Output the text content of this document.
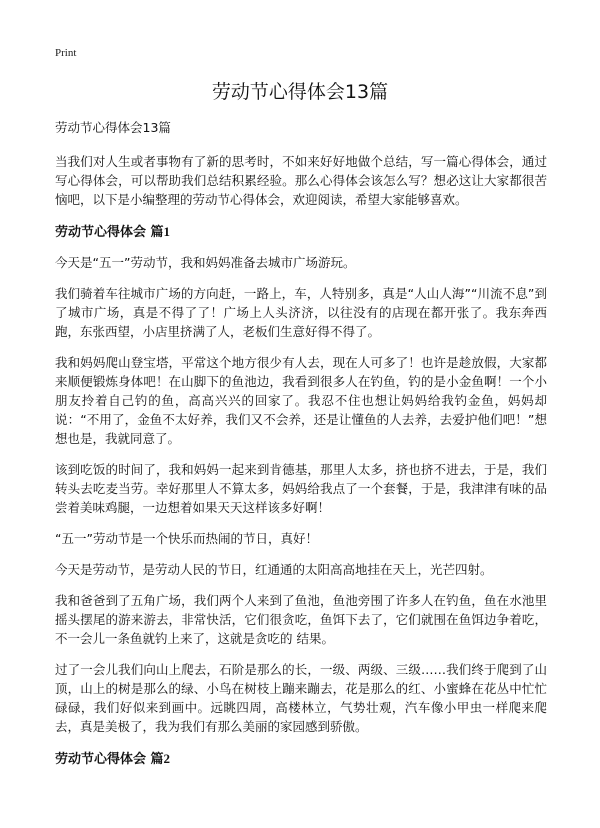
Print
劳动节心得体会13篇

劳动节心得体会13篇

当我们对人生或者事物有了新的思考时，不如来好好地做个总结，写一篇心得体会，通过写心得体会，可以帮助我们总结积累经验。那么心得体会该怎么写？想必这让大家都很苦恼吧，以下是小编整理的劳动节心得体会，欢迎阅读，希望大家能够喜欢。

劳动节心得体会 篇1

今天是“五一”劳动节，我和妈妈准备去城市广场游玩。

我们骑着车往城市广场的方向赶，一路上，车，人特别多，真是“人山人海”“川流不息”到了城市广场，真是不得了了！广场上人头济济，以往没有的店现在都开张了。我东奔西跑，东张西望，小店里挤满了人，老板们生意好得不得了。

我和妈妈爬山登宝塔，平常这个地方很少有人去，现在人可多了！也许是趁放假，大家都来顺便锻炼身体吧！在山脚下的鱼池边，我看到很多人在钓鱼，钓的是小金鱼啊！一个小朋友拎着自己钓的鱼，高高兴兴的回家了。我忍不住也想让妈妈给我钓金鱼，妈妈却说：“不用了，金鱼不太好养，我们又不会养，还是让懂鱼的人去养，去爱护他们吧！”想想也是，我就同意了。

该到吃饭的时间了，我和妈妈一起来到肯德基，那里人太多，挤也挤不进去，于是，我们转头去吃麦当劳。幸好那里人不算太多，妈妈给我点了一个套餐，于是，我津津有味的品尝着美味鸡腿，一边想着如果天天这样该多好啊！

“五一”劳动节是一个快乐而热闹的节日，真好！

今天是劳动节，是劳动人民的节日，红通通的太阳高高地挂在天上，光芒四射。

我和爸爸到了五角广场，我们两个人来到了鱼池，鱼池旁围了许多人在钓鱼，鱼在水池里摇头摆尾的游来游去，非常快活，它们很贪吃，鱼饵下去了，它们就围在鱼饵边争着吃，不一会儿一条鱼就钓上来了，这就是贪吃的 结果。

过了一会儿我们向山上爬去，石阶是那么的长，一级、两级、三级……我们终于爬到了山顶，山上的树是那么的绿、小鸟在树枝上蹦来蹦去，花是那么的红、小蜜蜂在花丛中忙忙碌碌，我们好似来到画中。远眺四周，高楼林立，气势壮观，汽车像小甲虫一样爬来爬去，真是美极了，我为我们有那么美丽的家园感到骄傲。

劳动节心得体会 篇2
